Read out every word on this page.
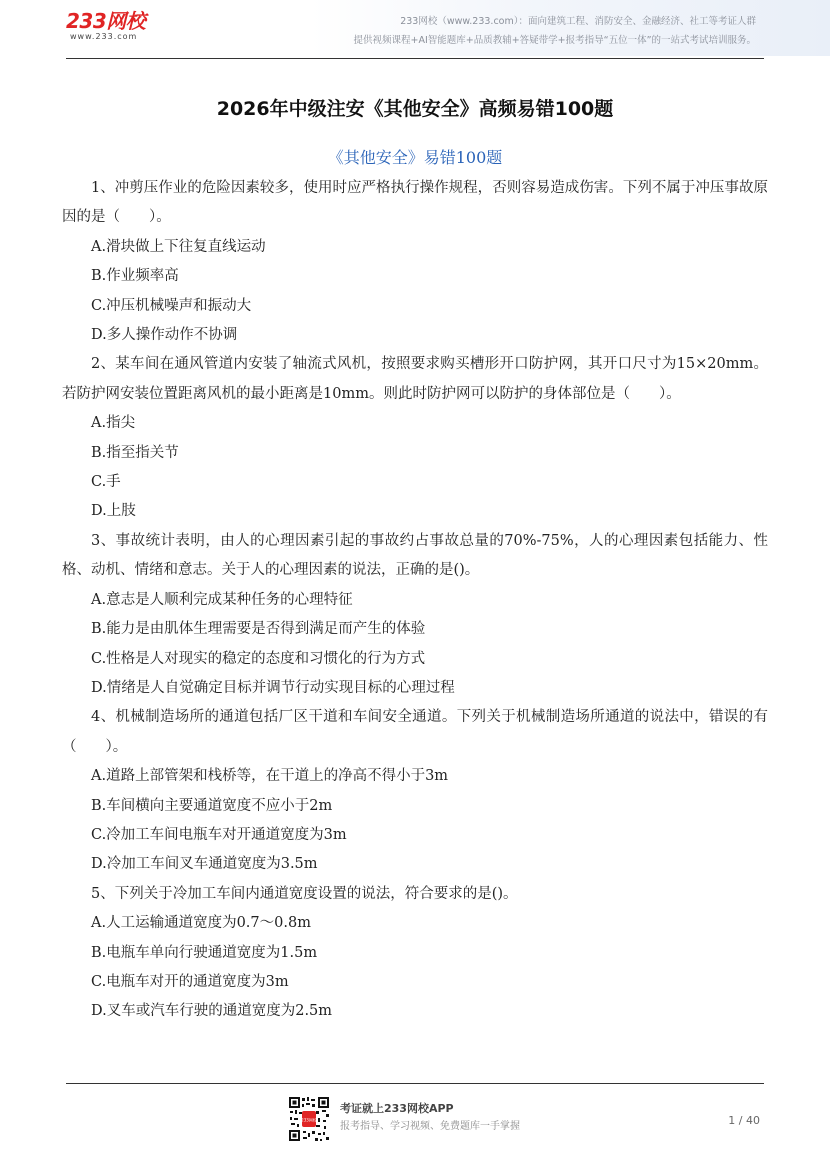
233网校
www.233.com
233网校（www.233.com）：面向建筑工程、消防安全、金融经济、社工等考证人群
提供视频课程+AI智能题库+品质教辅+答疑带学+报考指导“五位一体”的一站式考试培训服务。
2026年中级注安《其他安全》高频易错100题
《其他安全》易错100题

1、冲剪压作业的危险因素较多，使用时应严格执行操作规程，否则容易造成伤害。下列不属于冲压事故原因的是（　　）。

A.滑块做上下往复直线运动

B.作业频率高

C.冲压机械噪声和振动大

D.多人操作动作不协调

2、某车间在通风管道内安装了轴流式风机，按照要求购买槽形开口防护网，其开口尺寸为15×20mm。若防护网安装位置距离风机的最小距离是10mm。则此时防护网可以防护的身体部位是（　　）。

A.指尖

B.指至指关节

C.手

D.上肢

3、事故统计表明，由人的心理因素引起的事故约占事故总量的70%-75%，人的心理因素包括能力、性格、动机、情绪和意志。关于人的心理因素的说法，正确的是()。

A.意志是人顺利完成某种任务的心理特征

B.能力是由肌体生理需要是否得到满足而产生的体验

C.性格是人对现实的稳定的态度和习惯化的行为方式

D.情绪是人自觉确定目标并调节行动实现目标的心理过程

4、机械制造场所的通道包括厂区干道和车间安全通道。下列关于机械制造场所通道的说法中，错误的有（　　）。

A.道路上部管架和栈桥等，在干道上的净高不得小于3m

B.车间横向主要通道宽度不应小于2m

C.冷加工车间电瓶车对开通道宽度为3m

D.冷加工车间叉车通道宽度为3.5m

5、下列关于冷加工车间内通道宽度设置的说法，符合要求的是()。

A.人工运输通道宽度为0.7～0.8m

B.电瓶车单向行驶通道宽度为1.5m

C.电瓶车对开的通道宽度为3m

D.叉车或汽车行驶的通道宽度为2.5m

233网校
考证就上233网校APP
报考指导、学习视频、免费题库一手掌握	1 / 40
